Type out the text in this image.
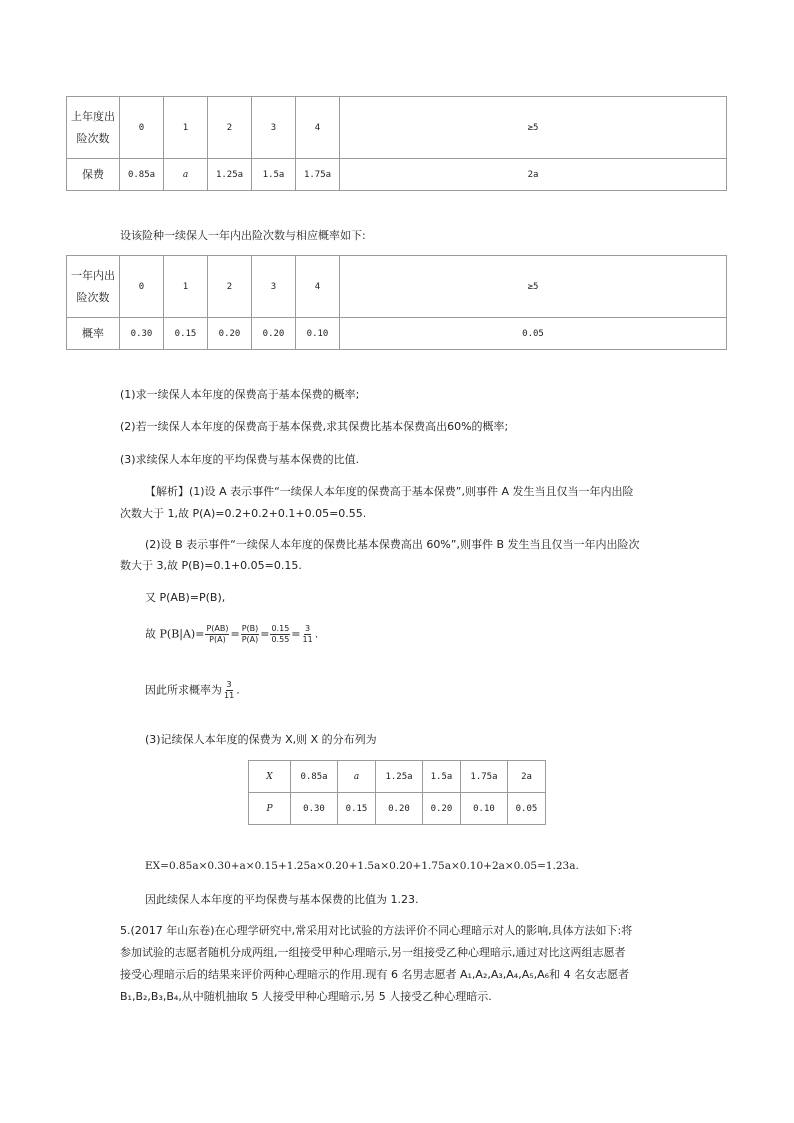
上年度出
险次数	0	1	2	3	4	≥5
保费	0.85a	a	1.25a	1.5a	1.75a	2a
设该险种一续保人一年内出险次数与相应概率如下:
一年内出
险次数	0	1	2	3	4	≥5
概率	0.30	0.15	0.20	0.20	0.10	0.05
(1)求一续保人本年度的保费高于基本保费的概率;
(2)若一续保人本年度的保费高于基本保费,求其保费比基本保费高出60%的概率;
(3)求续保人本年度的平均保费与基本保费的比值.
【解析】(1)设 A 表示事件“一续保人本年度的保费高于基本保费”,则事件 A 发生当且仅当一年内出险
次数大于 1,故 P(A)=0.2+0.2+0.1+0.05=0.55.
(2)设 B 表示事件“一续保人本年度的保费比基本保费高出 60%”,则事件 B 发生当且仅当一年内出险次
数大于 3,故 P(B)=0.1+0.05=0.15.
又 P(AB)=P(B),
故 $P(B|A)= \frac{P(AB)}{P(A)} = \frac{P(B)}{P(A)} = \frac{0.15}{0.55} = \frac{3}{11}$ .
因此所求概率为 $\frac{3}{11}$ .
(3)记续保人本年度的保费为 X,则 X 的分布列为
X	0.85a	a	1.25a	1.5a	1.75a	2a
P	0.30	0.15	0.20	0.20	0.10	0.05
EX=0.85a×0.30+a×0.15+1.25a×0.20+1.5a×0.20+1.75a×0.10+2a×0.05=1.23a.
因此续保人本年度的平均保费与基本保费的比值为 1.23.
5.(2017 年山东卷)在心理学研究中,常采用对比试验的方法评价不同心理暗示对人的影响,具体方法如下:将
参加试验的志愿者随机分成两组,一组接受甲种心理暗示,另一组接受乙种心理暗示,通过对比这两组志愿者
接受心理暗示后的结果来评价两种心理暗示的作用.现有 6 名男志愿者 A₁,A₂,A₃,A₄,A₅,A₆和 4 名女志愿者
B₁,B₂,B₃,B₄,从中随机抽取 5 人接受甲种心理暗示,另 5 人接受乙种心理暗示.
